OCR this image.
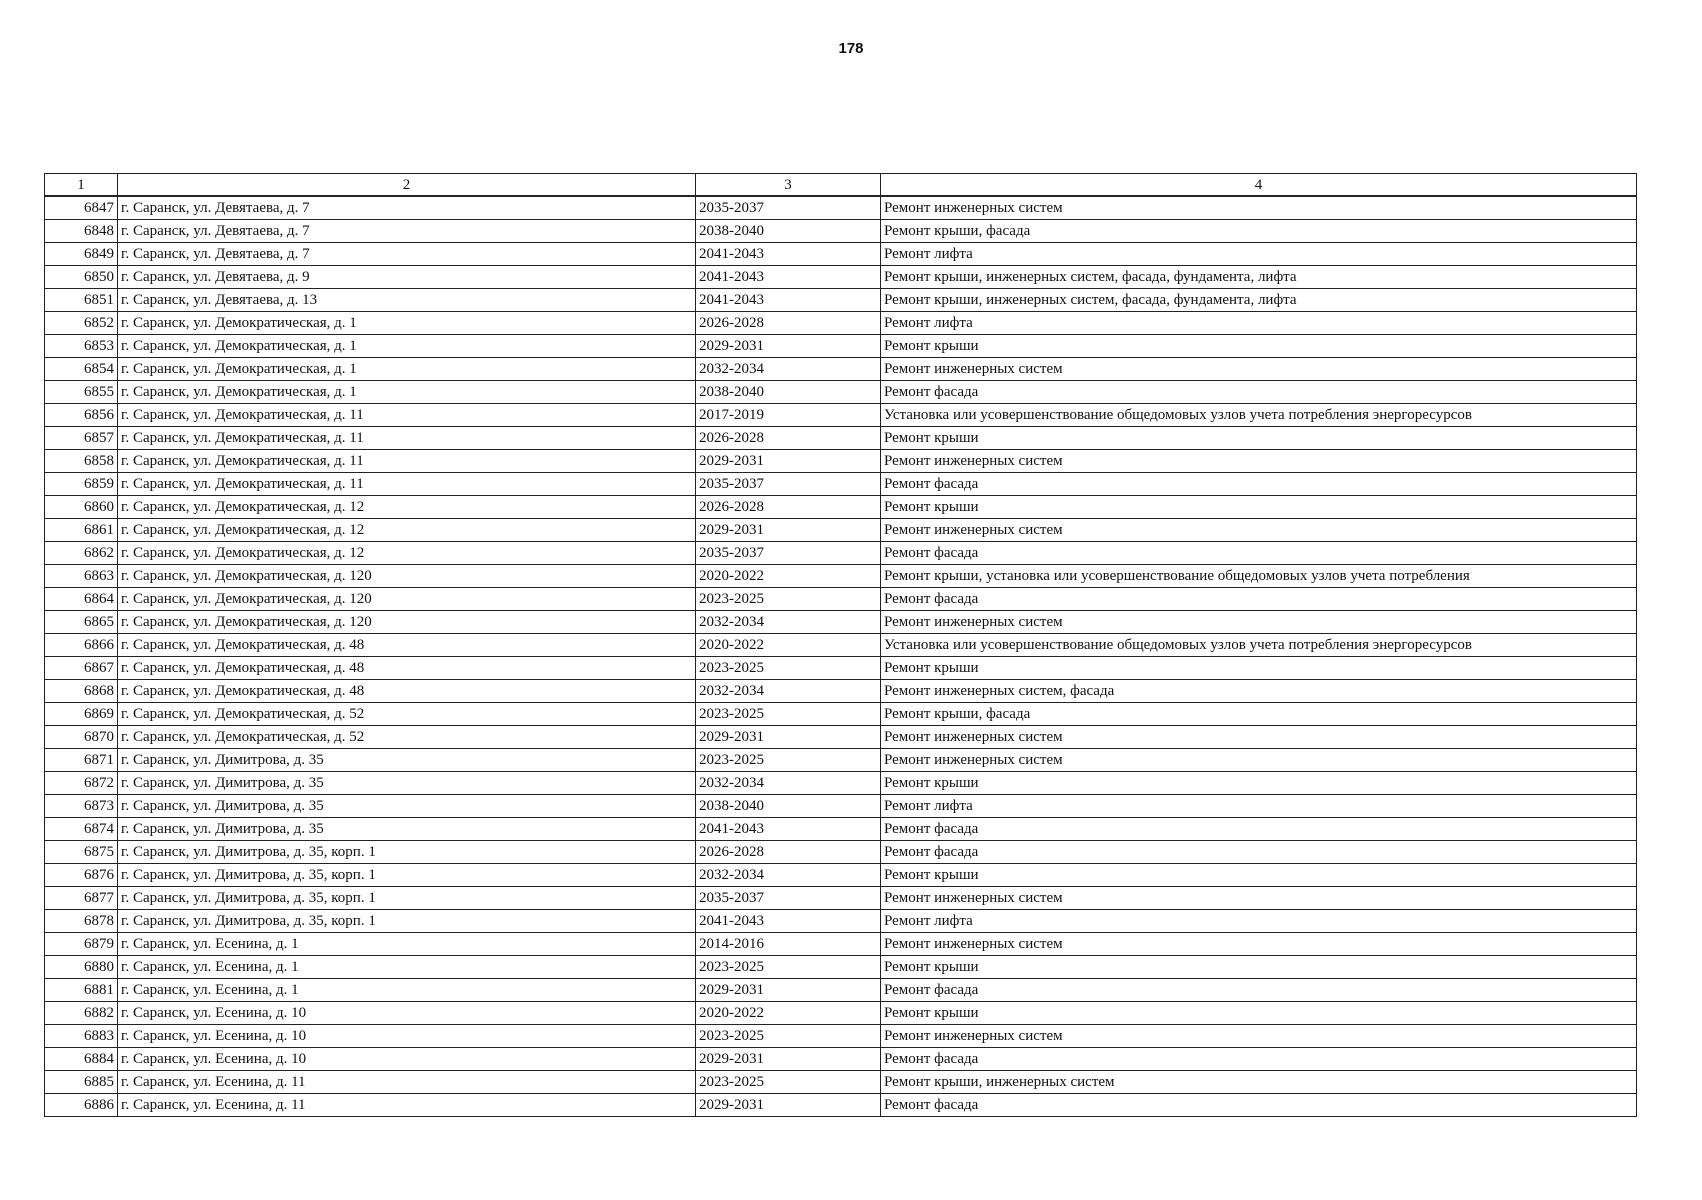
178
1	2	3	4
6847	г. Саранск, ул. Девятаева, д. 7	2035-2037	Ремонт инженерных систем
6848	г. Саранск, ул. Девятаева, д. 7	2038-2040	Ремонт крыши, фасада
6849	г. Саранск, ул. Девятаева, д. 7	2041-2043	Ремонт лифта
6850	г. Саранск, ул. Девятаева, д. 9	2041-2043	Ремонт крыши, инженерных систем, фасада, фундамента, лифта
6851	г. Саранск, ул. Девятаева, д. 13	2041-2043	Ремонт крыши, инженерных систем, фасада, фундамента, лифта
6852	г. Саранск, ул. Демократическая, д. 1	2026-2028	Ремонт лифта
6853	г. Саранск, ул. Демократическая, д. 1	2029-2031	Ремонт крыши
6854	г. Саранск, ул. Демократическая, д. 1	2032-2034	Ремонт инженерных систем
6855	г. Саранск, ул. Демократическая, д. 1	2038-2040	Ремонт фасада
6856	г. Саранск, ул. Демократическая, д. 11	2017-2019	Установка или усовершенствование общедомовых узлов учета потребления энергоресурсов
6857	г. Саранск, ул. Демократическая, д. 11	2026-2028	Ремонт крыши
6858	г. Саранск, ул. Демократическая, д. 11	2029-2031	Ремонт инженерных систем
6859	г. Саранск, ул. Демократическая, д. 11	2035-2037	Ремонт фасада
6860	г. Саранск, ул. Демократическая, д. 12	2026-2028	Ремонт крыши
6861	г. Саранск, ул. Демократическая, д. 12	2029-2031	Ремонт инженерных систем
6862	г. Саранск, ул. Демократическая, д. 12	2035-2037	Ремонт фасада
6863	г. Саранск, ул. Демократическая, д. 120	2020-2022	Ремонт крыши, установка или усовершенствование общедомовых узлов учета потребления
6864	г. Саранск, ул. Демократическая, д. 120	2023-2025	Ремонт фасада
6865	г. Саранск, ул. Демократическая, д. 120	2032-2034	Ремонт инженерных систем
6866	г. Саранск, ул. Демократическая, д. 48	2020-2022	Установка или усовершенствование общедомовых узлов учета потребления энергоресурсов
6867	г. Саранск, ул. Демократическая, д. 48	2023-2025	Ремонт крыши
6868	г. Саранск, ул. Демократическая, д. 48	2032-2034	Ремонт инженерных систем, фасада
6869	г. Саранск, ул. Демократическая, д. 52	2023-2025	Ремонт крыши, фасада
6870	г. Саранск, ул. Демократическая, д. 52	2029-2031	Ремонт инженерных систем
6871	г. Саранск, ул. Димитрова, д. 35	2023-2025	Ремонт инженерных систем
6872	г. Саранск, ул. Димитрова, д. 35	2032-2034	Ремонт крыши
6873	г. Саранск, ул. Димитрова, д. 35	2038-2040	Ремонт лифта
6874	г. Саранск, ул. Димитрова, д. 35	2041-2043	Ремонт фасада
6875	г. Саранск, ул. Димитрова, д. 35, корп. 1	2026-2028	Ремонт фасада
6876	г. Саранск, ул. Димитрова, д. 35, корп. 1	2032-2034	Ремонт крыши
6877	г. Саранск, ул. Димитрова, д. 35, корп. 1	2035-2037	Ремонт инженерных систем
6878	г. Саранск, ул. Димитрова, д. 35, корп. 1	2041-2043	Ремонт лифта
6879	г. Саранск, ул. Есенина, д. 1	2014-2016	Ремонт инженерных систем
6880	г. Саранск, ул. Есенина, д. 1	2023-2025	Ремонт крыши
6881	г. Саранск, ул. Есенина, д. 1	2029-2031	Ремонт фасада
6882	г. Саранск, ул. Есенина, д. 10	2020-2022	Ремонт крыши
6883	г. Саранск, ул. Есенина, д. 10	2023-2025	Ремонт инженерных систем
6884	г. Саранск, ул. Есенина, д. 10	2029-2031	Ремонт фасада
6885	г. Саранск, ул. Есенина, д. 11	2023-2025	Ремонт крыши, инженерных систем
6886	г. Саранск, ул. Есенина, д. 11	2029-2031	Ремонт фасада
